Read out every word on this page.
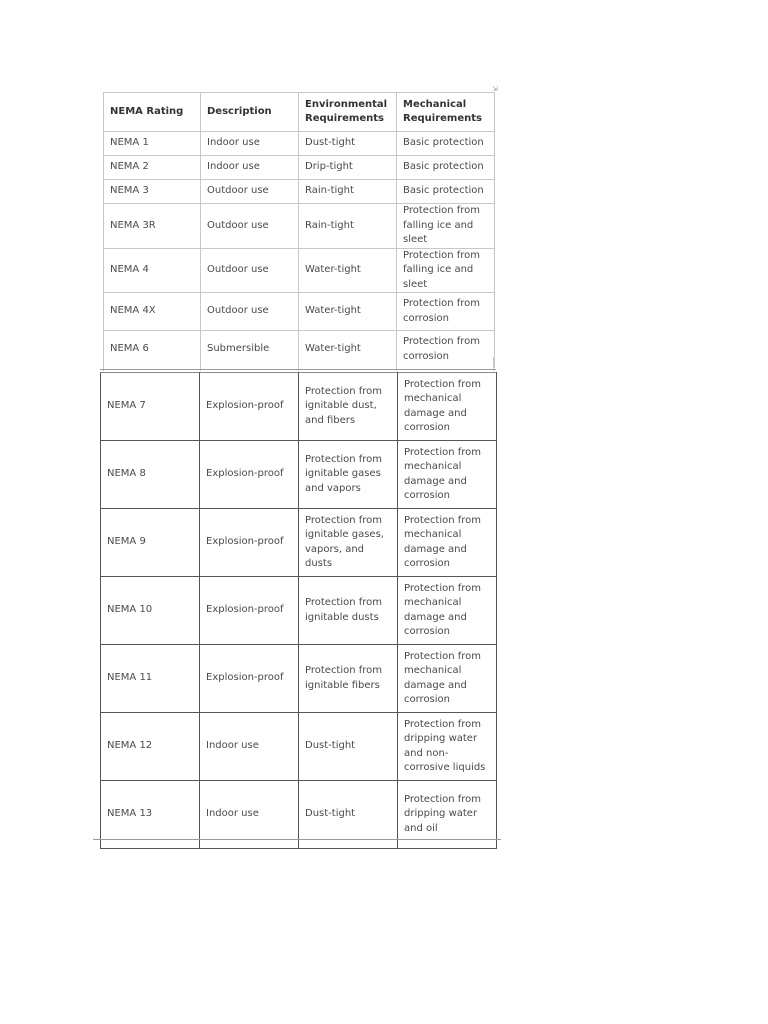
⇲
NEMA Rating	Description	Environmental Requirements	Mechanical Requirements
NEMA 1	Indoor use	Dust-tight	Basic protection
NEMA 2	Indoor use	Drip-tight	Basic protection
NEMA 3	Outdoor use	Rain-tight	Basic protection
NEMA 3R	Outdoor use	Rain-tight	Protection from falling ice and sleet
NEMA 4	Outdoor use	Water-tight	Protection from falling ice and sleet
NEMA 4X	Outdoor use	Water-tight	Protection from corrosion
NEMA 6	Submersible	Water-tight	Protection from corrosion
NEMA 7	Explosion-proof	Protection from ignitable dust, and fibers	Protection from mechanical damage and corrosion
NEMA 8	Explosion-proof	Protection from ignitable gases and vapors	Protection from mechanical damage and corrosion
NEMA 9	Explosion-proof	Protection from ignitable gases, vapors, and dusts	Protection from mechanical damage and corrosion
NEMA 10	Explosion-proof	Protection from ignitable dusts	Protection from mechanical damage and corrosion
NEMA 11	Explosion-proof	Protection from ignitable fibers	Protection from mechanical damage and corrosion
NEMA 12	Indoor use	Dust-tight	Protection from dripping water and non-corrosive liquids
NEMA 13	Indoor use	Dust-tight	Protection from dripping water and oil
